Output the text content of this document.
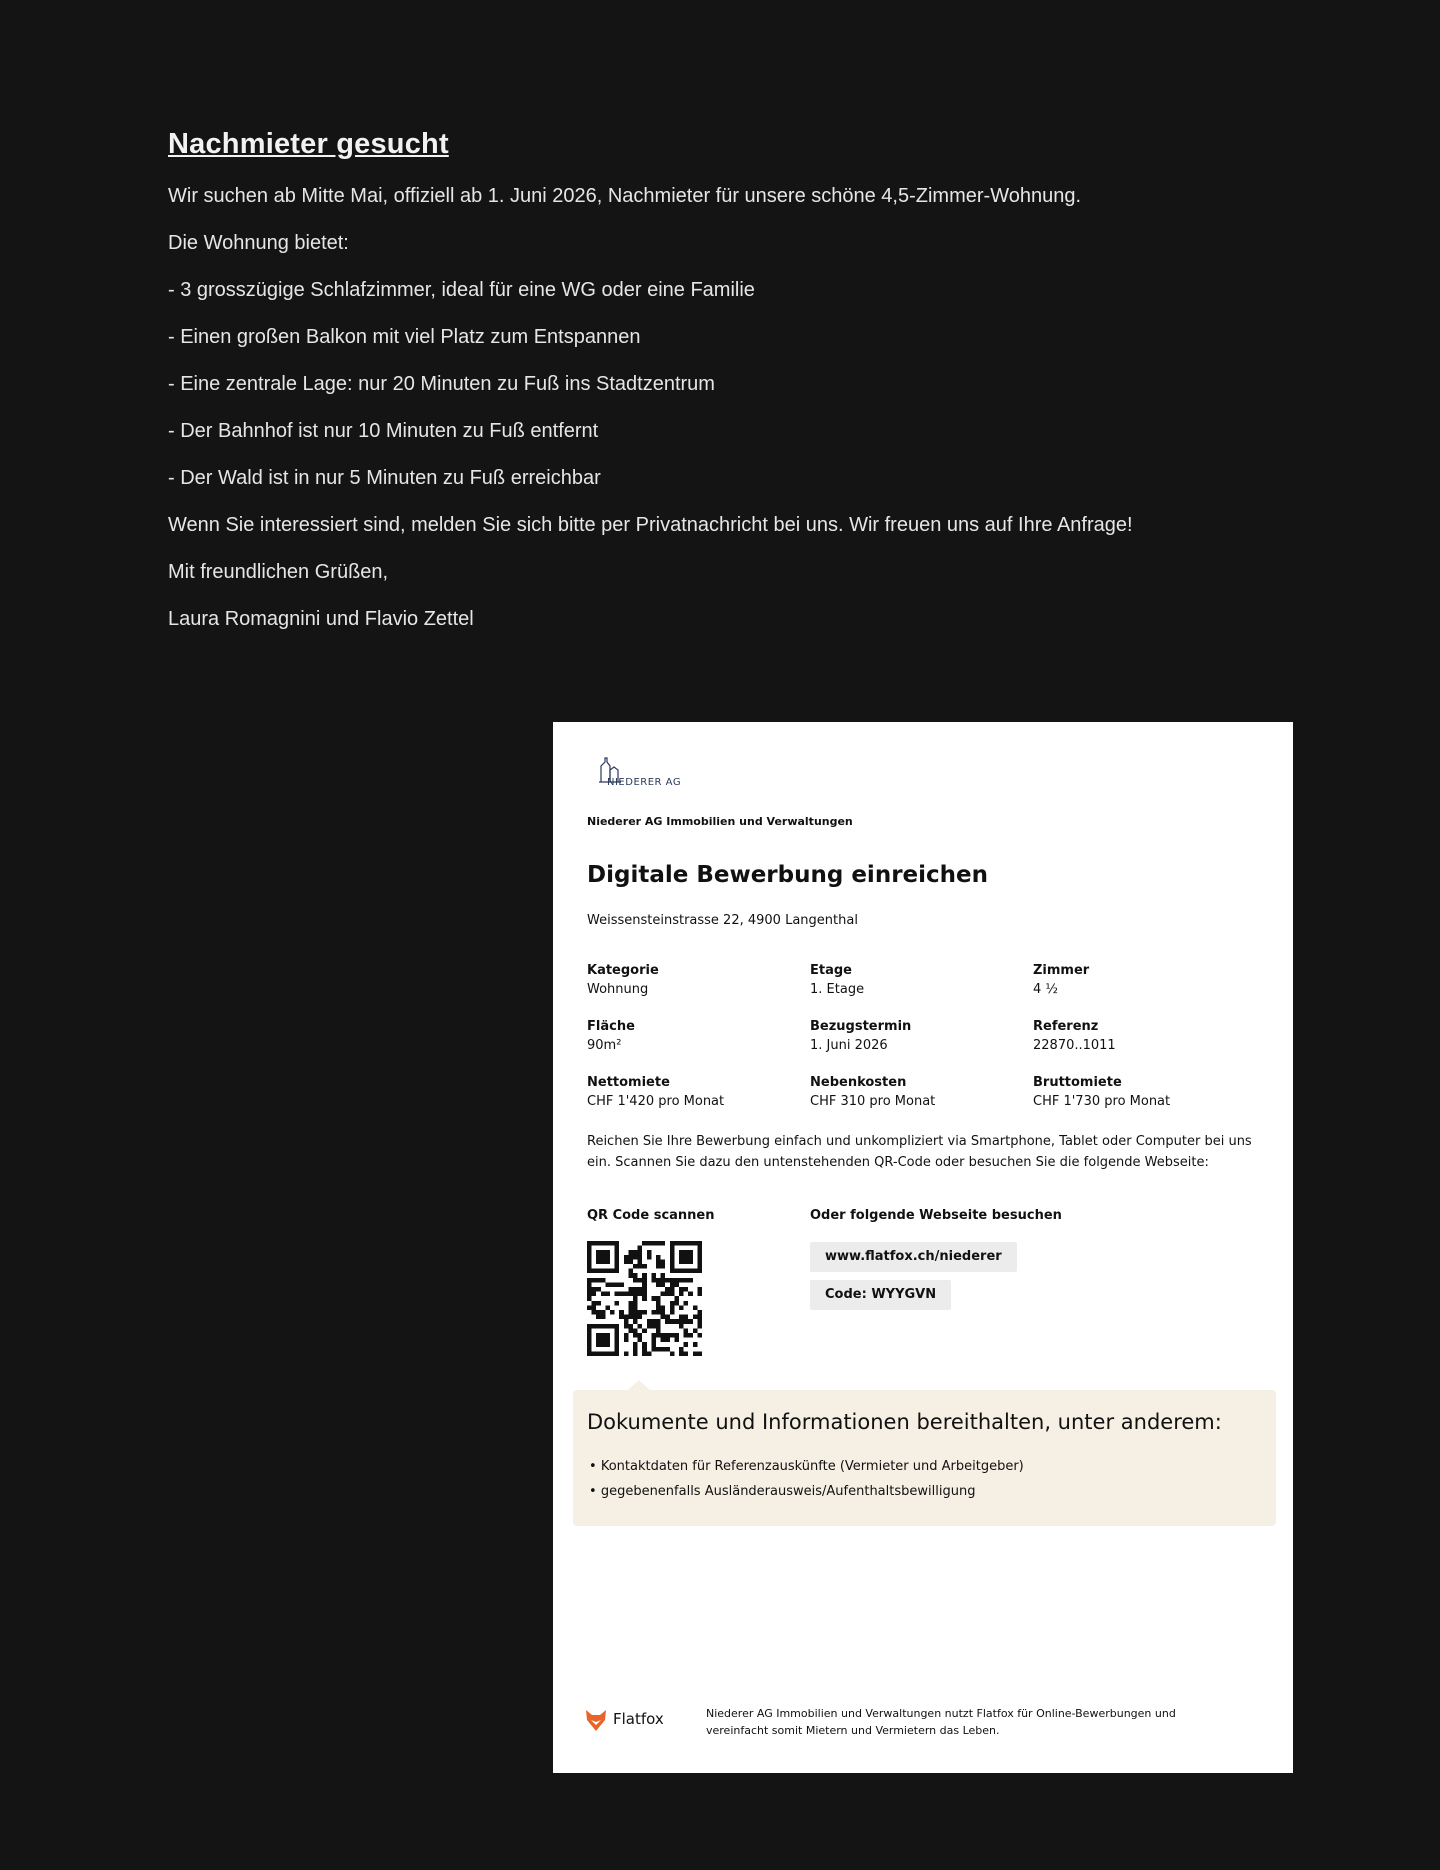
Nachmieter gesucht

Wir suchen ab Mitte Mai, offiziell ab 1. Juni 2026, Nachmieter für unsere schöne 4,5-Zimmer-Wohnung.

Die Wohnung bietet:

- 3 grosszügige Schlafzimmer, ideal für eine WG oder eine Familie

- Einen großen Balkon mit viel Platz zum Entspannen

- Eine zentrale Lage: nur 20 Minuten zu Fuß ins Stadtzentrum

- Der Bahnhof ist nur 10 Minuten zu Fuß entfernt

- Der Wald ist in nur 5 Minuten zu Fuß erreichbar

Wenn Sie interessiert sind, melden Sie sich bitte per Privatnachricht bei uns. Wir freuen uns auf Ihre Anfrage!

Mit freundlichen Grüßen,

Laura Romagnini und Flavio Zettel

NIEDERER AG
Niederer AG Immobilien und Verwaltungen
Digitale Bewerbung einreichen
Weissensteinstrasse 22, 4900 Langenthal
Kategorie
Wohnung
Etage
1. Etage
Zimmer
4 ½
Fläche
90m²
Bezugstermin
1. Juni 2026
Referenz
22870..1011
Nettomiete
CHF 1'420 pro Monat
Nebenkosten
CHF 310 pro Monat
Bruttomiete
CHF 1'730 pro Monat
Reichen Sie Ihre Bewerbung einfach und unkompliziert via Smartphone, Tablet oder Computer bei uns ein. Scannen Sie dazu den untenstehenden QR-Code oder besuchen Sie die folgende Webseite:
QR Code scannen	Oder folgende Webseite besuchen
www.flatfox.ch/niederer
Code: WYYGVN
Dokumente und Informationen bereithalten, unter anderem:
• Kontaktdaten für Referenzauskünfte (Vermieter und Arbeitgeber)
• gegebenenfalls Ausländerausweis/Aufenthaltsbewilligung
Flatfox	Niederer AG Immobilien und Verwaltungen nutzt Flatfox für Online-Bewerbungen und vereinfacht somit Mietern und Vermietern das Leben.
